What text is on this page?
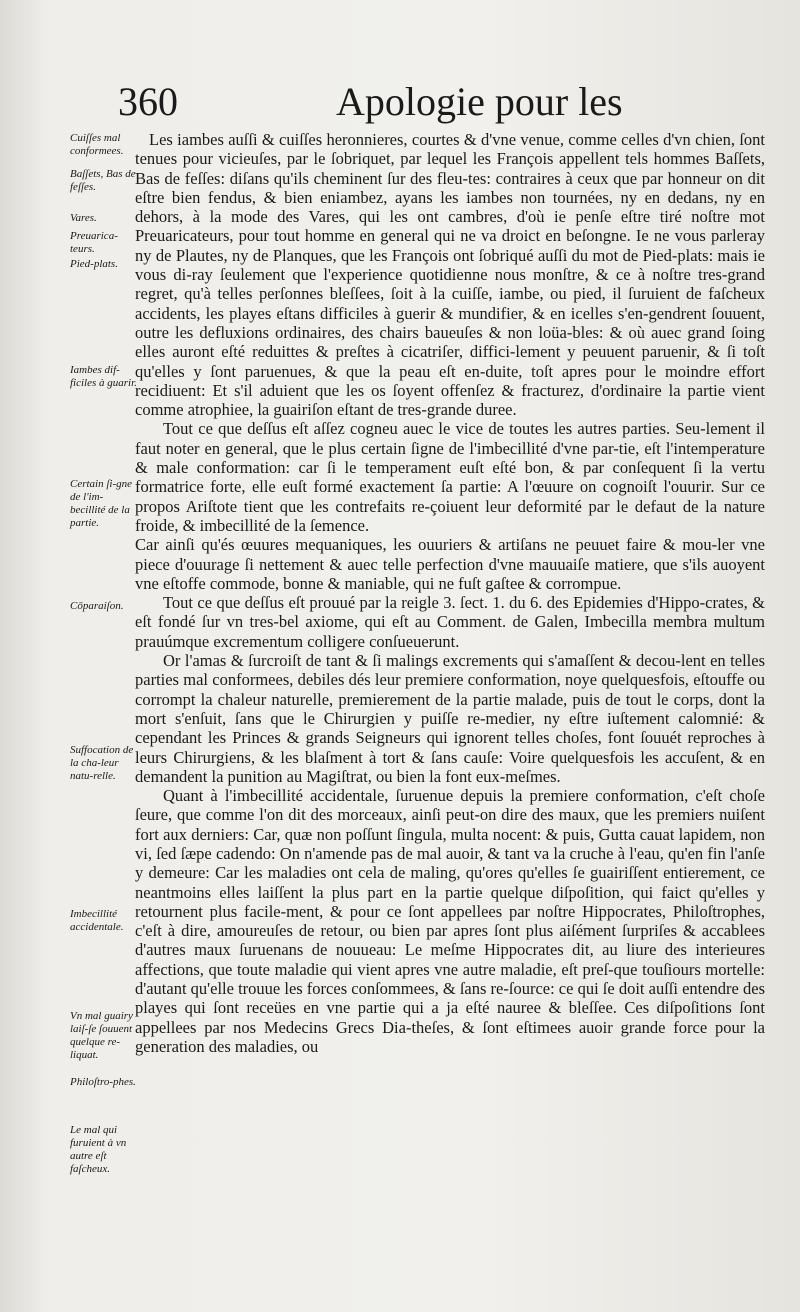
360	Apologie pour les
Cuiſſes mal conformees.
Baſſets, Bas de feſſes.
Vares.
Preuarica-teurs.
Pied-plats.
Iambes dif-ficiles à guarir.
Certain ſi-gne de l'im-becillité de la partie.
Cōparaiſon.
Suffocation de la cha-leur natu-relle.
Imbecillité accidentale.
Vn mal guairy laiſ-ſe ſouuent quelque re-liquat.
Philoſtro-phes.
Le mal qui furuient à vn autre eſt faſcheux.

Les iambes auſſi & cuiſſes heronnieres, courtes & d'vne venue, comme celles d'vn chien, ſont tenues pour vicieuſes, par le ſobriquet, par lequel les François appellent tels hommes Baſſets, Bas de feſſes: diſans qu'ils cheminent ſur des fleu-tes: contraires à ceux que par honneur on dit eſtre bien fendus, & bien eniambez, ayans les iambes non tournées, ny en dedans, ny en dehors, à la mode des Vares, qui les ont cambres, d'où ie penſe eſtre tiré noſtre mot Preuaricateurs, pour tout homme en general qui ne va droict en beſongne. Ie ne vous parleray ny de Plautes, ny de Planques, que les François ont ſobriqué auſſi du mot de Pied-plats: mais ie vous di-ray ſeulement que l'experience quotidienne nous monſtre, & ce à noſtre tres-grand regret, qu'à telles perſonnes bleſſees, ſoit à la cuiſſe, iambe, ou pied, il ſuruient de faſcheux accidents, les playes eſtans difficiles à guerir & mundifier, & en icelles s'en-gendrent ſouuent, outre les defluxions ordinaires, des chairs baueuſes & non loüa-bles: & où auec grand ſoing elles auront eſté reduittes & preſtes à cicatriſer, diffici-lement y peuuent paruenir, & ſi toſt qu'elles y ſont paruenues, & que la peau eſt en-duite, toſt apres pour le moindre effort recidiuent: Et s'il aduient que les os ſoyent offenſez & fracturez, d'ordinaire la partie vient comme atrophiee, la guairiſon eſtant de tres-grande duree.

Tout ce que deſſus eſt aſſez cogneu auec le vice de toutes les autres parties. Seu-lement il faut noter en general, que le plus certain ſigne de l'imbecillité d'vne par-tie, eſt l'intemperature & male conformation: car ſi le temperament euſt eſté bon, & par conſequent ſi la vertu formatrice forte, elle euſt formé exactement ſa partie: A l'œuure on cognoiſt l'ouurir. Sur ce propos Ariſtote tient que les contrefaits re-çoiuent leur deformité par le defaut de la nature froide, & imbecillité de la ſemence.

Car ainſi qu'és œuures mequaniques, les ouuriers & artiſans ne peuuet faire & mou-ler vne piece d'ouurage ſi nettement & auec telle perfection d'vne mauuaiſe matiere, que s'ils auoyent vne eſtoffe commode, bonne & maniable, qui ne fuſt gaſtee & corrompue.

Tout ce que deſſus eſt prouué par la reigle 3. ſect. 1. du 6. des Epidemies d'Hippo-crates, & eſt fondé ſur vn tres-bel axiome, qui eſt au Comment. de Galen, Imbecilla membra multum prauúmque excrementum colligere conſueuerunt.

Or l'amas & ſurcroiſt de tant & ſi malings excrements qui s'amaſſent & decou-lent en telles parties mal conformees, debiles dés leur premiere conformation, noye quelquesfois, eſtouffe ou corrompt la chaleur naturelle, premierement de la partie malade, puis de tout le corps, dont la mort s'enſuit, ſans que le Chirurgien y puiſſe re-medier, ny eſtre iuſtement calomnié: & cependant les Princes & grands Seigneurs qui ignorent telles choſes, font ſouuét reproches à leurs Chirurgiens, & les blaſment à tort & ſans cauſe: Voire quelquesfois les accuſent, & en demandent la punition au Magiſtrat, ou bien la font eux-meſmes.

Quant à l'imbecillité accidentale, ſuruenue depuis la premiere conformation, c'eſt choſe ſeure, que comme l'on dit des morceaux, ainſi peut-on dire des maux, que les premiers nuiſent fort aux derniers: Car, quæ non poſſunt ſingula, multa nocent: & puis, Gutta cauat lapidem, non vi, ſed ſæpe cadendo: On n'amende pas de mal auoir, & tant va la cruche à l'eau, qu'en fin l'anſe y demeure: Car les maladies ont cela de maling, qu'ores qu'elles ſe guairiſſent entierement, ce neantmoins elles laiſſent la plus part en la partie quelque diſpoſition, qui faict qu'elles y retournent plus facile-ment, & pour ce ſont appellees par noſtre Hippocrates, Philoſtrophes, c'eſt à dire, amoureuſes de retour, ou bien par apres ſont plus aiſément ſurpriſes & accablees d'autres maux ſuruenans de nouueau: Le meſme Hippocrates dit, au liure des interieures affections, que toute maladie qui vient apres vne autre maladie, eſt preſ-que touſiours mortelle: d'autant qu'elle trouue les forces conſommees, & ſans re-ſource: ce qui ſe doit auſſi entendre des playes qui ſont receües en vne partie qui a ja eſté nauree & bleſſee. Ces diſpoſitions ſont appellees par nos Medecins Grecs Dia-theſes, & ſont eſtimees auoir grande force pour la generation des maladies, ou
